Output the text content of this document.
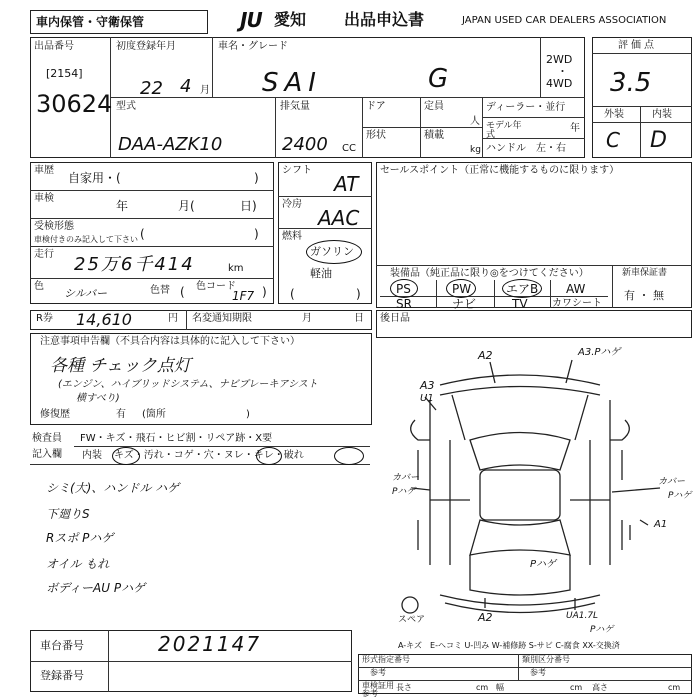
車内保管・守衛保管	JU 愛知 出品申込書	JAPAN USED CAR DEALERS ASSOCIATION
出品番号
[2154]
30624
初度登録年月
22 4 月
車名・グレード
SAI	G
2WD
・
4WD
型式
DAA-AZK10
排気量
2400 CC
ドア
形状
定員
人
積載
kg
ディーラー・並行
モデル年式
年
ハンドル　左・右
評価点
3.5
外装	内装
C D
車歴
自家用・(	)
車検
年	月(	日)
受検形態
車検付きのみ記入して下さい (	)
走行 25万6千414	km
色
シルバー	色替 ( 色コード
1F7 )
シフト
AT
冷房
AAC
燃料
ガソリン
軽油
(	)
セールスポイント（正常に機能するものに限ります）
装備品（純正品に限り◎をつけてください）	新車保証書
有 ・ 無
PS	PW	エアB AW
SR	ナビ	TV カワシート
R券 14,610	円 名変通知期限	月	日 後日品
注意事項申告欄（不具合内容は具体的に記入して下さい）
各種 チェック点灯
(エンジン、ハイブリッドシステム、ナビブレーキアシスト
横すべり)
修復歴	有 (箇所	)
検査員
記入欄
FW・キズ・飛石・ヒビ割・リペア跡・X要
内装 キズ・汚れ・コゲ・穴・ヌレ・キレ・破れ
シミ(大)、ハンドル ハゲ
下廻りS
Rスポ Pハゲ
オイル もれ
ボディーAU Pハゲ
A2	A3.Pハゲ
A3
U1
カバー
Pハゲ
カバー
Pハゲ
A1
Pハゲ
A2	UA1.7L
Pハゲ
スペア
A-キズ　E-ヘコミ U-凹み W-補修跡 S-サビ C-腐食 XX-交換済
車台番号	2021147
登録番号
形式指定番号
参考
類別区分番号
参考
車検証用
参考
長さ	cm 幅	cm 高さ	cm
